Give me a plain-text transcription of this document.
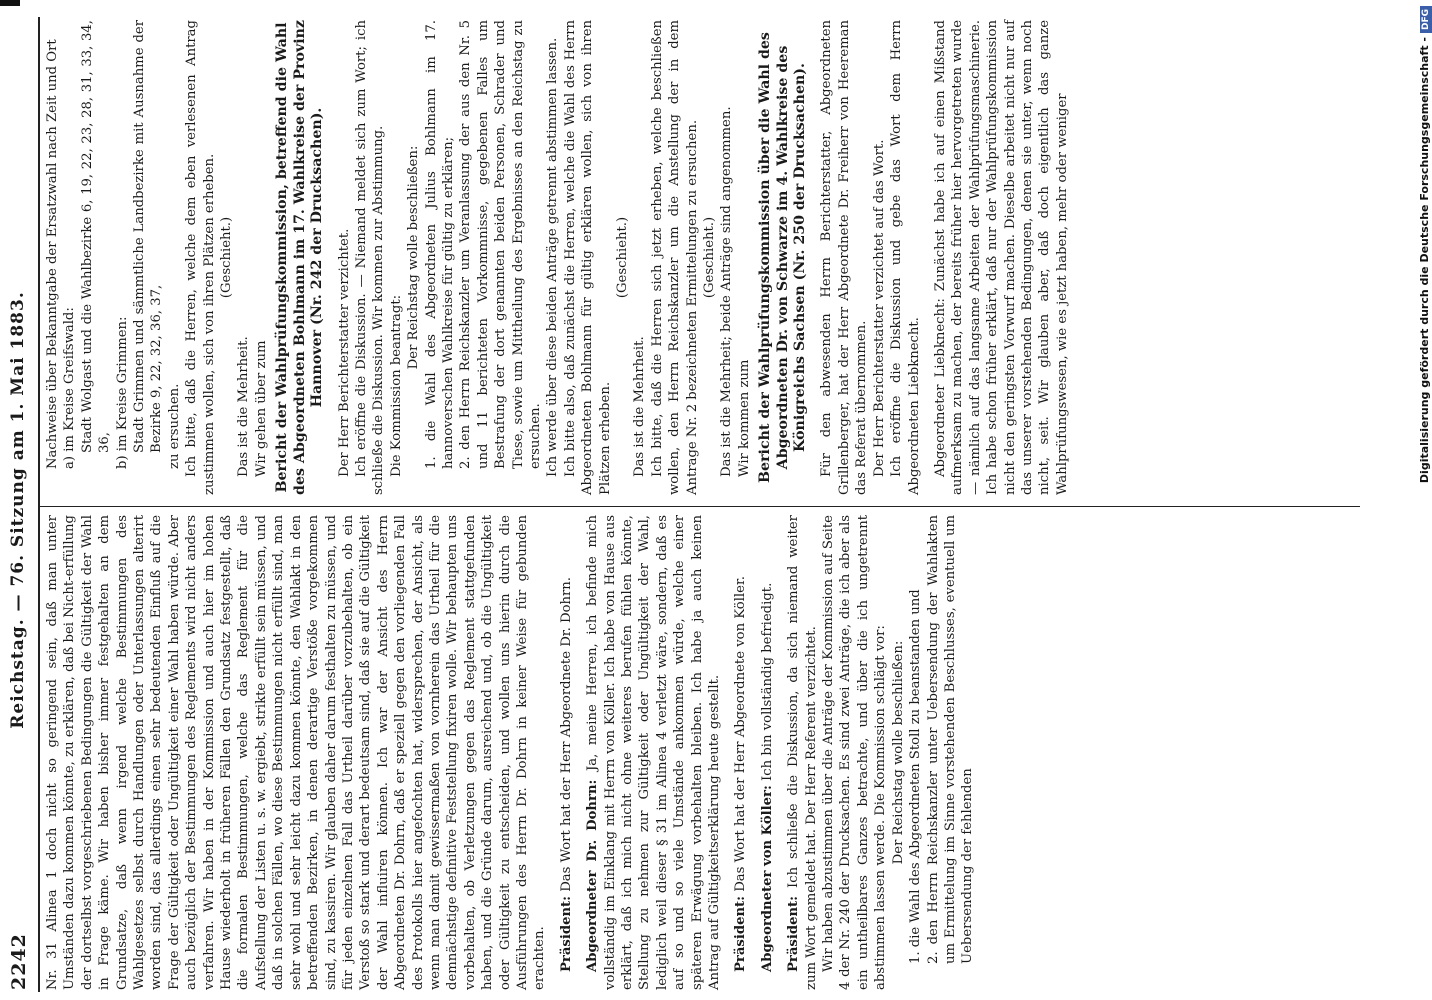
2242
Reichstag. — 76. Sitzung am 1. Mai 1883.

Nr. 31 Alinea 1 doch nicht so geringend sein, daß man unter Umständen dazu kommen könnte, zu erklären, daß bei Nicht-erfüllung der dortselbst vorgeschriebenen Bedingungen die Gültigkeit der Wahl in Frage käme. Wir haben bisher immer festgehalten an dem Grundsatze, daß wenn irgend welche Bestimmungen des Wahlgesetzes selbst durch Handlungen oder Unterlassungen alterirt worden sind, das allerdings einen sehr bedeutenden Einfluß auf die Frage der Gültigkeit oder Ungültigkeit einer Wahl haben würde. Aber auch bezüglich der Bestimmungen des Reglements wird nicht anders verfahren. Wir haben in der Kommission und auch hier im hohen Hause wiederholt in früheren Fällen den Grundsatz festgestellt, daß die formalen Bestimmungen, welche das Reglement für die Aufstellung der Listen u. s. w. ergiebt, strikte erfüllt sein müssen, und daß in solchen Fällen, wo diese Bestimmungen nicht erfüllt sind, man sehr wohl und sehr leicht dazu kommen könnte, den Wahlakt in den betreffenden Bezirken, in denen derartige Verstöße vorgekommen sind, zu kassiren. Wir glauben daher darum festhalten zu müssen, und für jeden einzelnen Fall das Urtheil darüber vorzubehalten, ob ein Verstoß so stark und derart bedeutsam sind, daß sie auf die Gültigkeit der Wahl influiren können. Ich war der Ansicht des Herrn Abgeordneten Dr. Dohrn, daß er speziell gegen den vorliegenden Fall des Protokolls hier angefochten hat, widersprechen, der Ansicht, als wenn man damit gewissermaßen von vornherein das Urtheil für die demnächstige definitive Feststellung fixiren wolle. Wir behaupten uns vorbehalten, ob Verletzungen gegen das Reglement stattgefunden haben, und die Gründe darum, ausreichend und, ob die Ungültigkeit oder Gültigkeit zu entscheiden, und wollen uns hierin durch die Ausführungen des Herrn Dr. Dohrn in keiner Weise für gebunden erachten. Präsident: Das Wort hat der Herr Abgeordnete Dr. Dohrn. Abgeordneter Dr. Dohrn: Ja, meine Herren, ich befinde mich vollständig im Einklang mit Herrn von Köller. Ich habe von Hause aus erklärt, daß ich mich nicht ohne weiteres berufen fühlen könnte, Stellung zu nehmen zur Gültigkeit oder Ungültigkeit der Wahl, lediglich weil dieser § 31 im Alinea 4 verletzt wäre, sondern, daß es auf so und so viele Umstände ankommen würde, welche einer späteren Erwägung vorbehalten bleiben. Ich habe ja auch keinen Antrag auf Gültigkeitserklärung heute gestellt. Präsident: Das Wort hat der Herr Abgeordnete von Köller. Abgeordneter von Köller: Ich bin vollständig befriedigt.

Präsident: Ich schließe die Diskussion, da sich niemand weiter zum Wort gemeldet hat. Der Herr Referent verzichtet. Wir haben abzustimmen über die Anträge der Kommission auf Seite 4 der Nr. 240 der Drucksachen. Es sind zwei Anträge, die ich aber als ein untheilbares Ganzes betrachte, und über die ich ungetrennt abstimmen lassen werde. Die Kommission schlägt vor: Der Reichstag wolle beschließen: 1. die Wahl des Abgeordneten Stoll zu beanstanden und 2. den Herrn Reichskanzler unter Uebersendung der Wahlakten um Ermittelung im Sinne vorstehenden Beschlusses, eventuell um Uebersendung der fehlenden

Nachweise über Bekanntgabe der Ersatzwahl nach Zeit und Ort a) im Kreise Greifswald: Stadt Wolgast und die Wahlbezirke 6, 19, 22, 23, 28, 31, 33, 34, 36, b) im Kreise Grimmen: Stadt Grimmen und sämmtliche Landbezirke mit Ausnahme der Bezirke 9, 22, 32, 36, 37, zu ersuchen. Ich bitte, daß die Herren, welche dem eben verlesenen Antrag zustimmen wollen, sich von ihren Plätzen erheben. (Geschieht.)

Das ist die Mehrheit. Wir gehen über zum Bericht der Wahlprüfungskommission, betreffend die Wahl des Abgeordneten Bohlmann im 17. Wahlkreise der Provinz Hannover (Nr. 242 der Drucksachen). Der Herr Berichterstatter verzichtet. Ich eröffne die Diskussion. — Niemand meldet sich zum Wort; ich schließe die Diskussion. Wir kommen zur Abstimmung. Die Kommission beantragt:

Der Reichstag wolle beschließen: 1. die Wahl des Abgeordneten Julius Bohlmann im 17. hannoverschen Wahlkreise für gültig zu erklären; 2. den Herrn Reichskanzler um Veranlassung der aus den Nr. 5 und 11 berichteten Vorkommnisse, gegebenen Falles um Bestrafung der dort genannten beiden Personen, Schrader und Tiese, sowie um Mittheilung des Ergebnisses an den Reichstag zu ersuchen. Ich werde über diese beiden Anträge getrennt abstimmen lassen. Ich bitte also, daß zunächst die Herren, welche die Wahl des Herrn Abgeordneten Bohlmann für gültig erklären wollen, sich von ihren Plätzen erheben.

(Geschieht.)

Das ist die Mehrheit. Ich bitte, daß die Herren sich jetzt erheben, welche beschließen wollen, den Herrn Reichskanzler um die Anstellung der in dem Antrage Nr. 2 bezeichneten Ermittelungen zu ersuchen. (Geschieht.) Das ist die Mehrheit; beide Anträge sind angenommen. Wir kommen zum Bericht der Wahlprüfungskommission über die Wahl des Abgeordneten Dr. von Schwarze im 4. Wahlkreise des Königreichs Sachsen (Nr. 250 der Drucksachen). Für den abwesenden Herrn Berichterstatter, Abgeordneten Grillenberger, hat der Herr Abgeordnete Dr. Freiherr von Heereman das Referat übernommen. Der Herr Berichterstatter verzichtet auf das Wort. Ich eröffne die Diskussion und gebe das Wort dem Herrn Abgeordneten Liebknecht. Abgeordneter Liebknecht: Zunächst habe ich auf einen Mißstand aufmerksam zu machen, der bereits früher hier hervorgetreten wurde — nämlich auf das langsame Arbeiten der Wahlprüfungsmaschinerie. Ich habe schon früher erklärt, daß nur der Wahlprüfungskommission nicht den geringsten Vorwurf machen. Dieselbe arbeitet nicht nur auf das unserer vorstehenden Bedingungen, denen sie unter, wenn noch nicht, seit. Wir glauben aber, daß doch eigentlich das ganze Wahlprüfungswesen, wie es jetzt haben, mehr oder weniger	Digitalisierung gefördert durch die Deutsche Forschungsgemeinschaft -DFG
